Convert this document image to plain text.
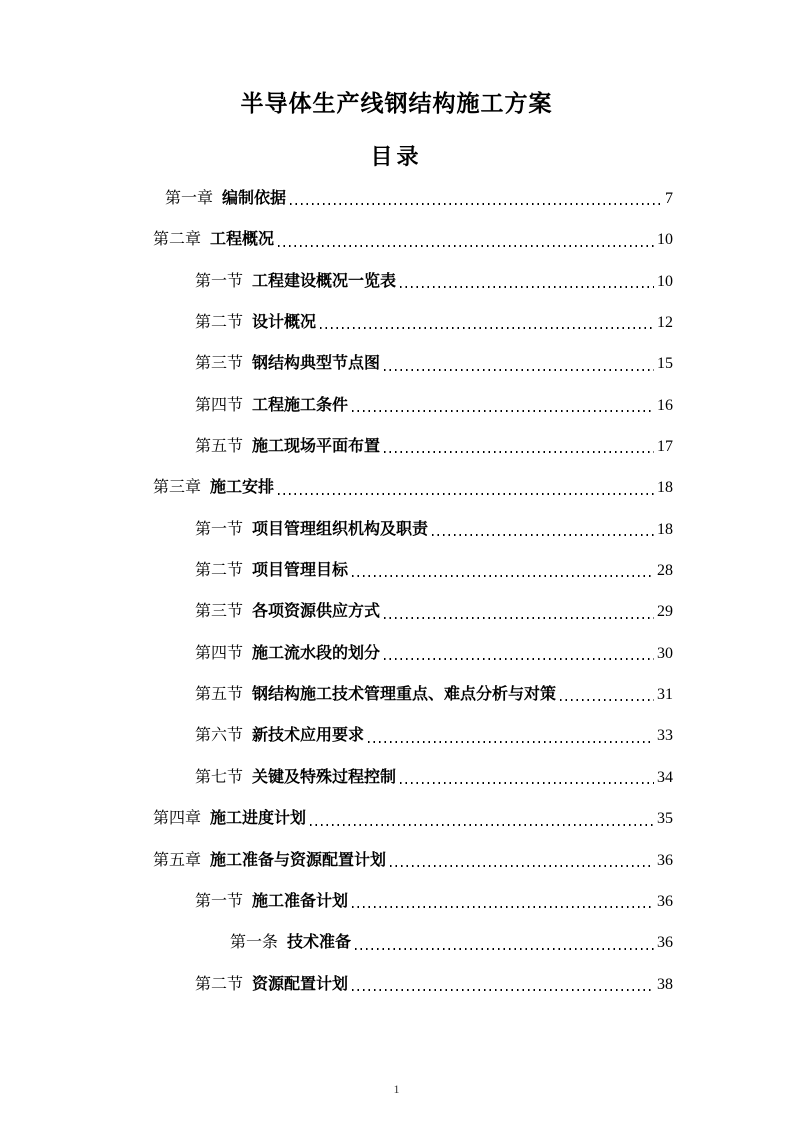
半导体生产线钢结构施工方案
目录
第一章 编制依据	7
第二章 工程概况	10
第一节 工程建设概况一览表	10
第二节 设计概况	12
第三节 钢结构典型节点图	15
第四节 工程施工条件	16
第五节 施工现场平面布置	17
第三章 施工安排	18
第一节 项目管理组织机构及职责	18
第二节 项目管理目标	28
第三节 各项资源供应方式	29
第四节 施工流水段的划分	30
第五节 钢结构施工技术管理重点、难点分析与对策	31
第六节 新技术应用要求	33
第七节 关键及特殊过程控制	34
第四章 施工进度计划	35
第五章 施工准备与资源配置计划	36
第一节 施工准备计划	36
第一条 技术准备	36
第二节 资源配置计划	38
1
